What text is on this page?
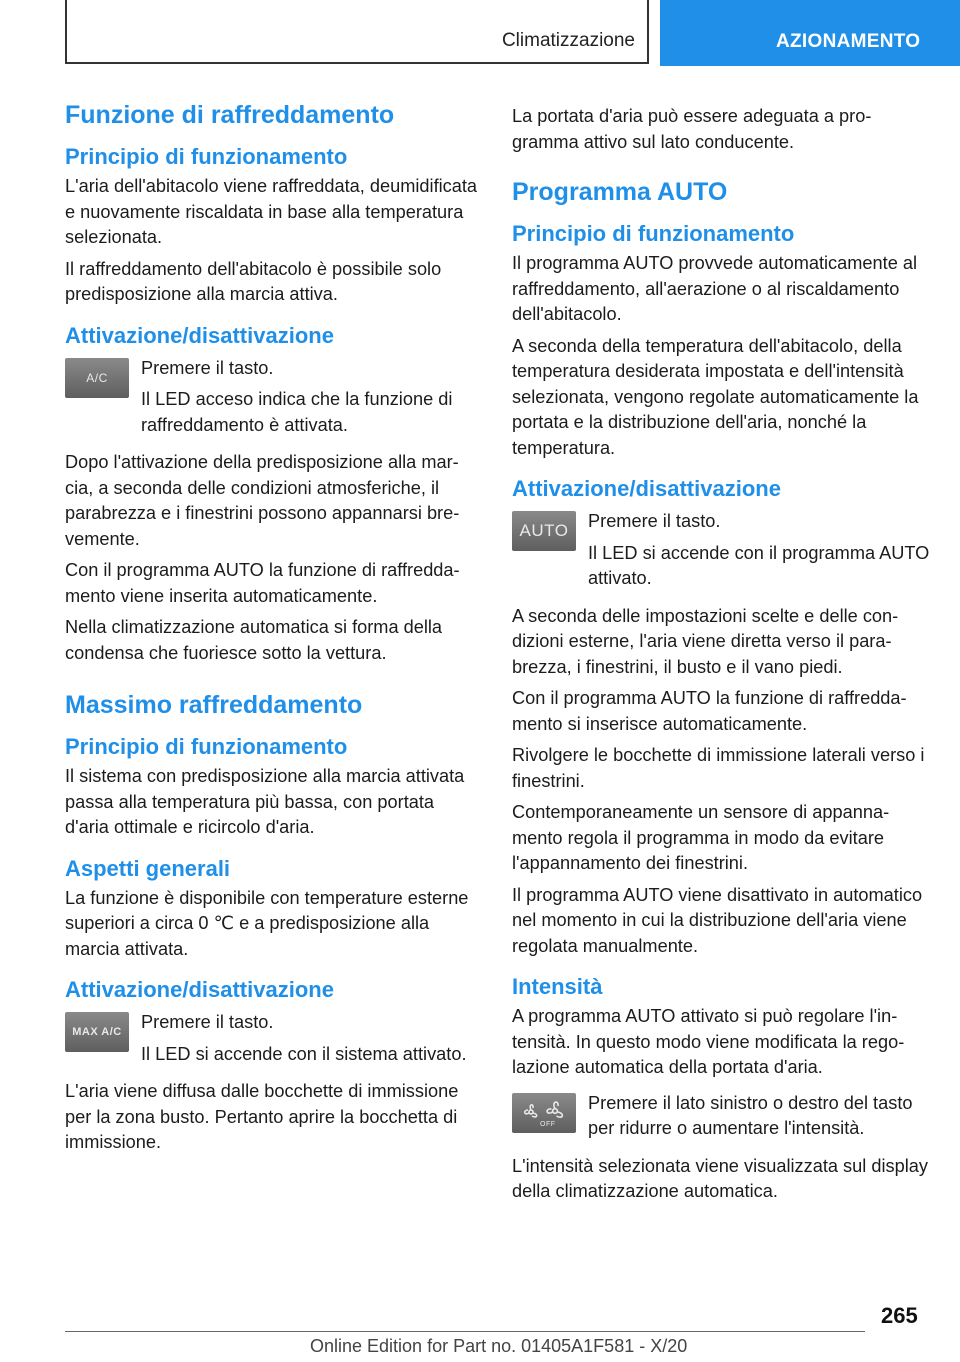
Climatizzazione	AZIONAMENTO
Funzione di raffreddamento
Principio di funzionamento

L'aria dell'abitacolo viene raffreddata, deumidificata e nuovamente riscaldata in base alla temperatura selezionata.

Il raffreddamento dell'abitacolo è possibile solo predisposizione alla marcia attiva.

Attivazione/disattivazione
A/C Premere il tasto.

Il LED acceso indica che la funzione di raffreddamento è attivata.

Dopo l'attivazione della predisposizione alla marcia, a seconda delle condizioni atmosferiche, il parabrezza e i finestrini possono appannarsi brevemente.

Con il programma AUTO la funzione di raffreddamento viene inserita automaticamente.

Nella climatizzazione automatica si forma della condensa che fuoriesce sotto la vettura.

Massimo raffreddamento
Principio di funzionamento

Il sistema con predisposizione alla marcia attivata passa alla temperatura più bassa, con portata d'aria ottimale e ricircolo d'aria.

Aspetti generali

La funzione è disponibile con temperature esterne superiori a circa 0 ℃ e a predisposizione alla marcia attivata.

Attivazione/disattivazione
MAX A/C Premere il tasto.

Il LED si accende con il sistema attivato.

L'aria viene diffusa dalle bocchette di immissione per la zona busto. Pertanto aprire la bocchetta di immissione.

La portata d'aria può essere adeguata a programma attivo sul lato conducente.

Programma AUTO
Principio di funzionamento

Il programma AUTO provvede automaticamente al raffreddamento, all'aerazione o al riscaldamento dell'abitacolo.

A seconda della temperatura dell'abitacolo, della temperatura desiderata impostata e dell'intensità selezionata, vengono regolate automaticamente la portata e la distribuzione dell'aria, nonché la temperatura.

Attivazione/disattivazione
AUTO Premere il tasto.

Il LED si accende con il programma AUTO attivato.

A seconda delle impostazioni scelte e delle condizioni esterne, l'aria viene diretta verso il parabrezza, i finestrini, il busto e il vano piedi.

Con il programma AUTO la funzione di raffreddamento si inserisce automaticamente.

Rivolgere le bocchette di immissione laterali verso i finestrini.

Contemporaneamente un sensore di appannamento regola il programma in modo da evitare l'appannamento dei finestrini.

Il programma AUTO viene disattivato in automatico nel momento in cui la distribuzione dell'aria viene regolata manualmente.

Intensità

A programma AUTO attivato si può regolare l'intensità. In questo modo viene modificata la regolazione automatica della portata d'aria.

OFF

Premere il lato sinistro o destro del tasto per ridurre o aumentare l'intensità.

L'intensità selezionata viene visualizzata sul display della climatizzazione automatica.

265
Online Edition for Part no. 01405A1F581 - X/20
